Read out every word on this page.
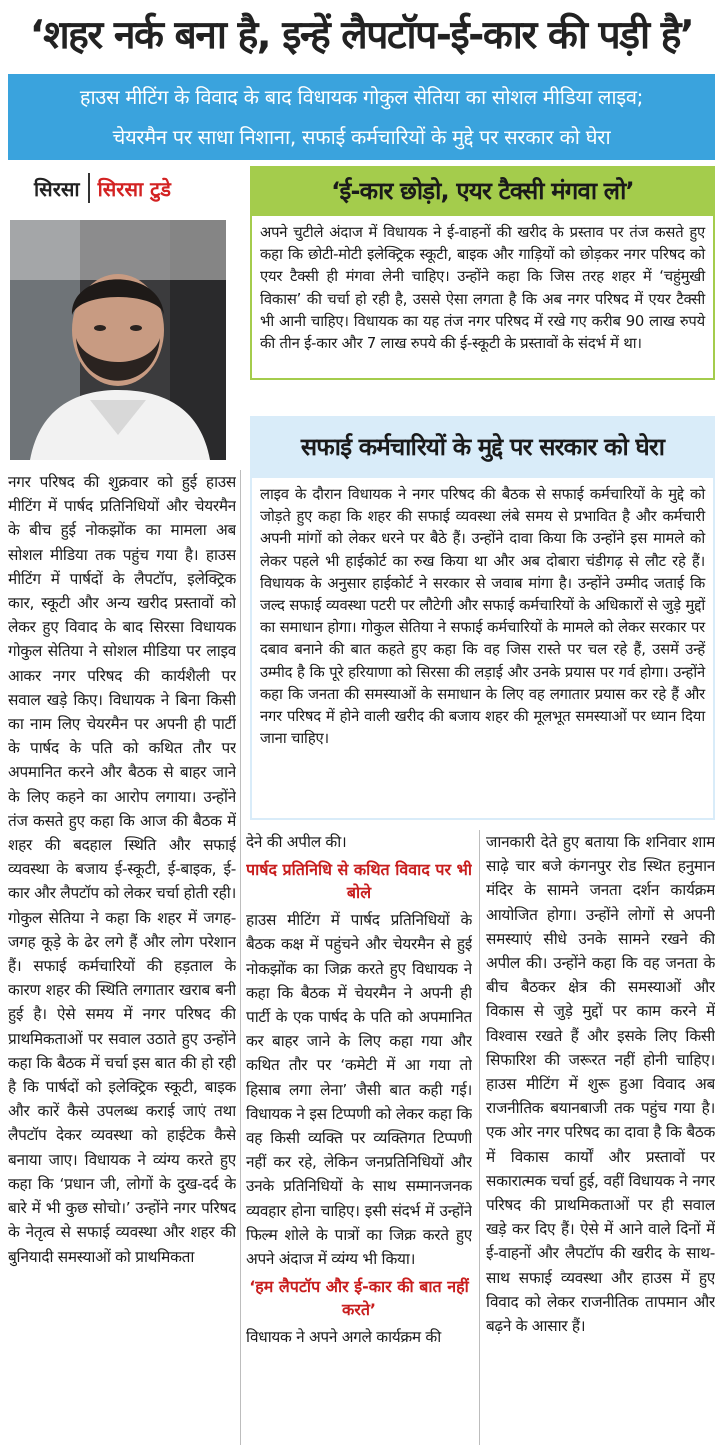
‘शहर नर्क बना है, इन्हें लैपटॉप-ई-कार की पड़ी है’
हाउस मीटिंग के विवाद के बाद विधायक गोकुल सेतिया का सोशल मीडिया लाइव;
चेयरमैन पर साधा निशाना, सफाई कर्मचारियों के मुद्दे पर सरकार को घेरा
सिरसा सिरसा टुडे	‘ई-कार छोड़ो, एयर टैक्सी मंगवा लो’

अपने चुटीले अंदाज में विधायक ने ई-वाहनों की खरीद के प्रस्ताव पर तंज कसते हुए कहा कि छोटी-मोटी इलेक्ट्रिक स्कूटी, बाइक और गाड़ियों को छोड़कर नगर परिषद को एयर टैक्सी ही मंगवा लेनी चाहिए। उन्होंने कहा कि जिस तरह शहर में ‘चहुंमुखी विकास’ की चर्चा हो रही है, उससे ऐसा लगता है कि अब नगर परिषद में एयर टैक्सी भी आनी चाहिए। विधायक का यह तंज नगर परिषद में रखे गए करीब 90 लाख रुपये की तीन ई-कार और 7 लाख रुपये की ई-स्कूटी के प्रस्तावों के संदर्भ में था।

सफाई कर्मचारियों के मुद्दे पर सरकार को घेरा

लाइव के दौरान विधायक ने नगर परिषद की बैठक से सफाई कर्मचारियों के मुद्दे को जोड़ते हुए कहा कि शहर की सफाई व्यवस्था लंबे समय से प्रभावित है और कर्मचारी अपनी मांगों को लेकर धरने पर बैठे हैं। उन्होंने दावा किया कि उन्होंने इस मामले को लेकर पहले भी हाईकोर्ट का रुख किया था और अब दोबारा चंडीगढ़ से लौट रहे हैं। विधायक के अनुसार हाईकोर्ट ने सरकार से जवाब मांगा है। उन्होंने उम्मीद जताई कि जल्द सफाई व्यवस्था पटरी पर लौटेगी और सफाई कर्मचारियों के अधिकारों से जुड़े मुद्दों का समाधान होगा। गोकुल सेतिया ने सफाई कर्मचारियों के मामले को लेकर सरकार पर दबाव बनाने की बात कहते हुए कहा कि वह जिस रास्ते पर चल रहे हैं, उसमें उन्हें उम्मीद है कि पूरे हरियाणा को सिरसा की लड़ाई और उनके प्रयास पर गर्व होगा। उन्होंने कहा कि जनता की समस्याओं के समाधान के लिए वह लगातार प्रयास कर रहे हैं और नगर परिषद में होने वाली खरीद की बजाय शहर की मूलभूत समस्याओं पर ध्यान दिया जाना चाहिए।

नगर परिषद की शुक्रवार को हुई हाउस मीटिंग में पार्षद प्रतिनिधियों और चेयरमैन के बीच हुई नोकझोंक का मामला अब सोशल मीडिया तक पहुंच गया है। हाउस मीटिंग में पार्षदों के लैपटॉप, इलेक्ट्रिक कार, स्कूटी और अन्य खरीद प्रस्तावों को लेकर हुए विवाद के बाद सिरसा विधायक गोकुल सेतिया ने सोशल मीडिया पर लाइव आकर नगर परिषद की कार्यशैली पर सवाल खड़े किए। विधायक ने बिना किसी का नाम लिए चेयरमैन पर अपनी ही पार्टी के पार्षद के पति को कथित तौर पर अपमानित करने और बैठक से बाहर जाने के लिए कहने का आरोप लगाया। उन्होंने तंज कसते हुए कहा कि आज की बैठक में शहर की बदहाल स्थिति और सफाई व्यवस्था के बजाय ई-स्कूटी, ई-बाइक, ई-कार और लैपटॉप को लेकर चर्चा होती रही। गोकुल सेतिया ने कहा कि शहर में जगह-जगह कूड़े के ढेर लगे हैं और लोग परेशान हैं। सफाई कर्मचारियों की हड़ताल के कारण शहर की स्थिति लगातार खराब बनी हुई है। ऐसे समय में नगर परिषद की प्राथमिकताओं पर सवाल उठाते हुए उन्होंने कहा कि बैठक में चर्चा इस बात की हो रही है कि पार्षदों को इलेक्ट्रिक स्कूटी, बाइक और कारें कैसे उपलब्ध कराई जाएं तथा लैपटॉप देकर व्यवस्था को हाईटेक कैसे बनाया जाए। विधायक ने व्यंग्य करते हुए कहा कि ‘प्रधान जी, लोगों के दुख-दर्द के बारे में भी कुछ सोचो।’ उन्होंने नगर परिषद के नेतृत्व से सफाई व्यवस्था और शहर की बुनियादी समस्याओं को प्राथमिकता

देने की अपील की।

पार्षद प्रतिनिधि से कथित विवाद पर भी बोले

हाउस मीटिंग में पार्षद प्रतिनिधियों के बैठक कक्ष में पहुंचने और चेयरमैन से हुई नोकझोंक का जिक्र करते हुए विधायक ने कहा कि बैठक में चेयरमैन ने अपनी ही पार्टी के एक पार्षद के पति को अपमानित कर बाहर जाने के लिए कहा गया और कथित तौर पर ‘कमेटी में आ गया तो हिसाब लगा लेना’ जैसी बात कही गई। विधायक ने इस टिप्पणी को लेकर कहा कि वह किसी व्यक्ति पर व्यक्तिगत टिप्पणी नहीं कर रहे, लेकिन जनप्रतिनिधियों और उनके प्रतिनिधियों के साथ सम्मानजनक व्यवहार होना चाहिए। इसी संदर्भ में उन्होंने फिल्म शोले के पात्रों का जिक्र करते हुए अपने अंदाज में व्यंग्य भी किया।

‘हम लैपटॉप और ई-कार की बात नहीं करते’

विधायक ने अपने अगले कार्यक्रम की

जानकारी देते हुए बताया कि शनिवार शाम साढ़े चार बजे कंगनपुर रोड स्थित हनुमान मंदिर के सामने जनता दर्शन कार्यक्रम आयोजित होगा। उन्होंने लोगों से अपनी समस्याएं सीधे उनके सामने रखने की अपील की। उन्होंने कहा कि वह जनता के बीच बैठकर क्षेत्र की समस्याओं और विकास से जुड़े मुद्दों पर काम करने में विश्वास रखते हैं और इसके लिए किसी सिफारिश की जरूरत नहीं होनी चाहिए। हाउस मीटिंग में शुरू हुआ विवाद अब राजनीतिक बयानबाजी तक पहुंच गया है। एक ओर नगर परिषद का दावा है कि बैठक में विकास कार्यों और प्रस्तावों पर सकारात्मक चर्चा हुई, वहीं विधायक ने नगर परिषद की प्राथमिकताओं पर ही सवाल खड़े कर दिए हैं। ऐसे में आने वाले दिनों में ई-वाहनों और लैपटॉप की खरीद के साथ-साथ सफाई व्यवस्था और हाउस में हुए विवाद को लेकर राजनीतिक तापमान और बढ़ने के आसार हैं।
